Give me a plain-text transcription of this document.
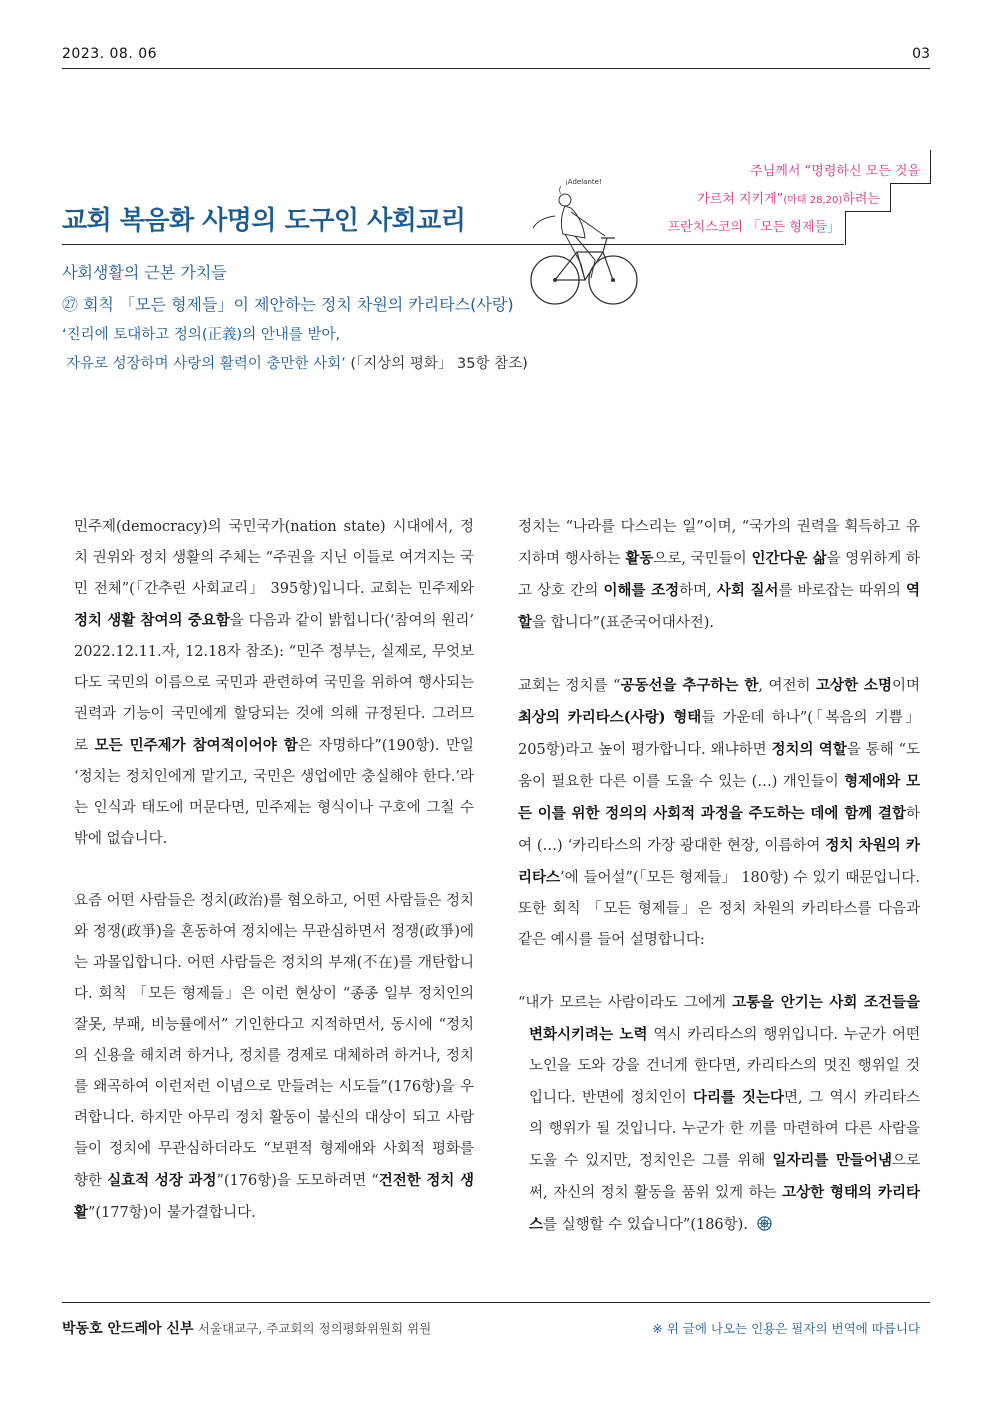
2023. 08. 06	03
주님께서 “명령하신 모든 것을
가르쳐 지키게”(마태 28,20)하려는
프란치스코의 「모든 형제들」
¡Adelante!
교회 복음화 사명의 도구인 사회교리
사회생활의 근본 가치들
㉗ 회칙 「모든 형제들」이 제안하는 정치 차원의 카리타스(사랑)
‘진리에 토대하고 정의(正義)의 안내를 받아,
자유로 성장하며 사랑의 활력이 충만한 사회’ (「지상의 평화」 35항 참조)

민주제(democracy)의 국민국가(nation state) 시대에서, 정치 권위와 정치 생활의 주체는 “주권을 지닌 이들로 여겨지는 국민 전체”(「간추린 사회교리」 395항)입니다. 교회는 민주제와 정치 생활 참여의 중요함을 다음과 같이 밝힙니다(‘참여의 원리’ 2022.12.11.자, 12.18자 참조): “민주 정부는, 실제로, 무엇보다도 국민의 이름으로 국민과 관련하여 국민을 위하여 행사되는 권력과 기능이 국민에게 할당되는 것에 의해 규정된다. 그러므로 모든 민주제가 참여적이어야 함은 자명하다”(190항). 만일 ‘정치는 정치인에게 맡기고, 국민은 생업에만 충실해야 한다.’라는 인식과 태도에 머문다면, 민주제는 형식이나 구호에 그칠 수밖에 없습니다.

요즘 어떤 사람들은 정치(政治)를 혐오하고, 어떤 사람들은 정치와 정쟁(政爭)을 혼동하여 정치에는 무관심하면서 정쟁(政爭)에는 과몰입합니다. 어떤 사람들은 정치의 부재(不在)를 개탄합니다. 회칙 「모든 형제들」은 이런 현상이 “종종 일부 정치인의 잘못, 부패, 비능률에서” 기인한다고 지적하면서, 동시에 “정치의 신용을 해치려 하거나, 정치를 경제로 대체하려 하거나, 정치를 왜곡하여 이런저런 이념으로 만들려는 시도들”(176항)을 우려합니다. 하지만 아무리 정치 활동이 불신의 대상이 되고 사람들이 정치에 무관심하더라도 “보편적 형제애와 사회적 평화를 향한 실효적 성장 과정”(176항)을 도모하려면 “건전한 정치 생활”(177항)이 불가결합니다.

정치는 “나라를 다스리는 일”이며, “국가의 권력을 획득하고 유지하며 행사하는 활동으로, 국민들이 인간다운 삶을 영위하게 하고 상호 간의 이해를 조정하며, 사회 질서를 바로잡는 따위의 역할을 합니다”(표준국어대사전).

교회는 정치를 “공동선을 추구하는 한, 여전히 고상한 소명이며 최상의 카리타스(사랑) 형태들 가운데 하나”(「복음의 기쁨」 205항)라고 높이 평가합니다. 왜냐하면 정치의 역할을 통해 “도움이 필요한 다른 이를 도울 수 있는 (…) 개인들이 형제애와 모든 이를 위한 정의의 사회적 과정을 주도하는 데에 함께 결합하여 (…) ‘카리타스의 가장 광대한 현장, 이름하여 정치 차원의 카리타스’에 들어설”(「모든 형제들」 180항) 수 있기 때문입니다. 또한 회칙 「모든 형제들」은 정치 차원의 카리타스를 다음과 같은 예시를 들어 설명합니다:

“내가 모르는 사람이라도 그에게 고통을 안기는 사회 조건들을 변화시키려는 노력 역시 카리타스의 행위입니다. 누군가 어떤 노인을 도와 강을 건너게 한다면, 카리타스의 멋진 행위일 것입니다. 반면에 정치인이 다리를 짓는다면, 그 역시 카리타스의 행위가 될 것입니다. 누군가 한 끼를 마련하여 다른 사람을 도울 수 있지만, 정치인은 그를 위해 일자리를 만들어냄으로써, 자신의 정치 활동을 품위 있게 하는 고상한 형태의 카리타스를 실행할 수 있습니다”(186항).

박동호 안드레아 신부 서울대교구, 주교회의 정의평화위원회 위원	※ 위 글에 나오는 인용은 필자의 번역에 따릅니다
